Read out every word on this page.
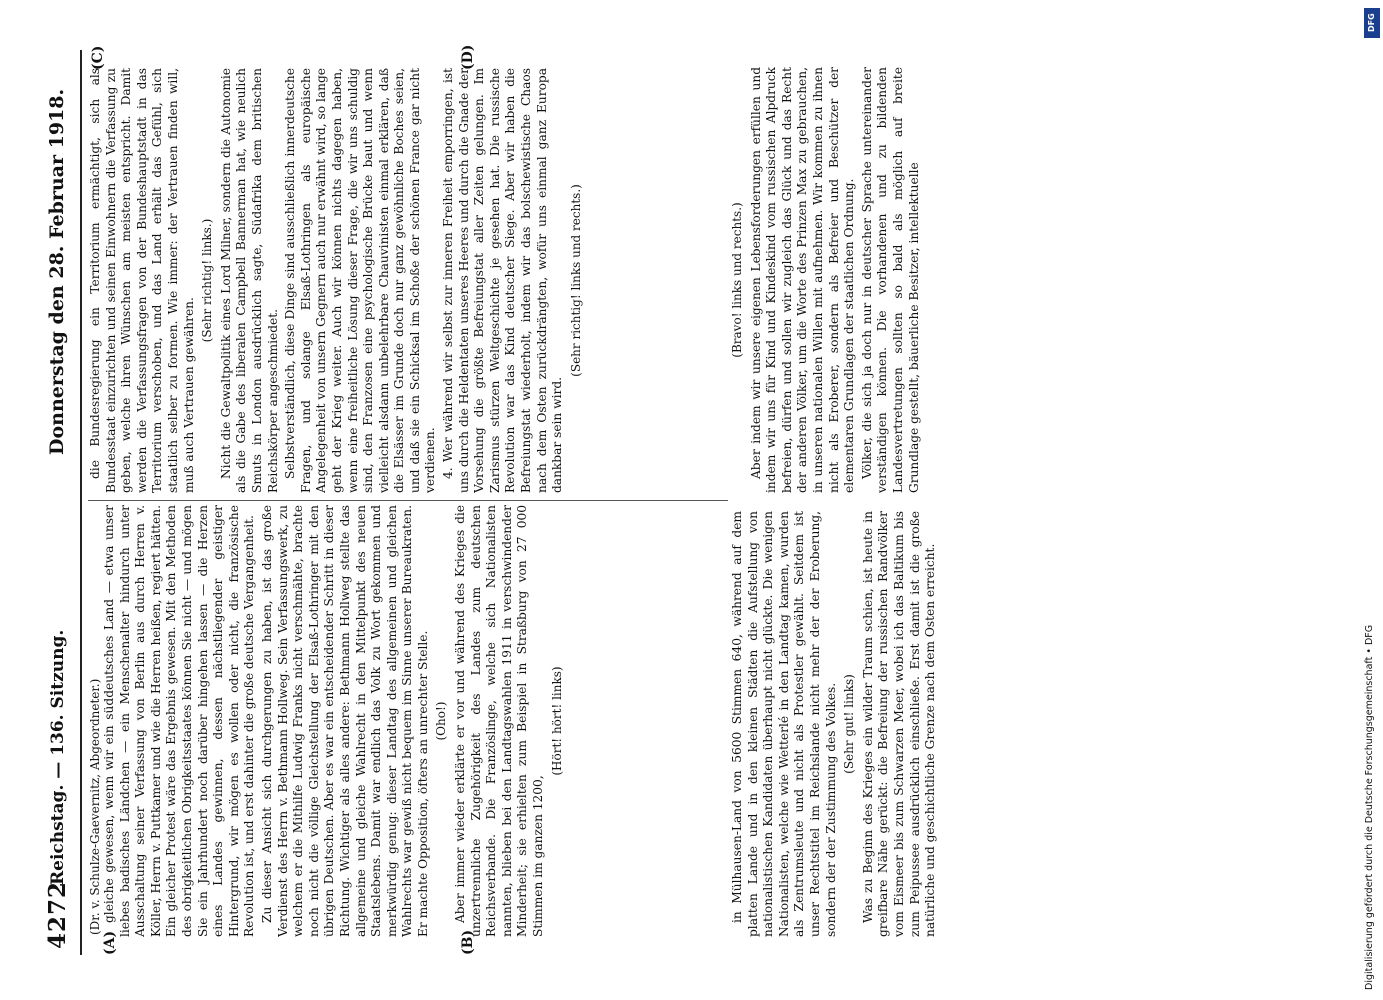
4272
Reichstag. — 136. Sitzung.
Donnerstag den 28. Februar 1918.
(Dr. v. Schulze-Gaevernitz, Abgeordneter.)
(A)	(B)
(C)	(D)

gleiche gewesen, wenn wir ein süddeutsches Land — etwa unser liebes badisches Ländchen — ein Menschenalter hindurch unter Ausschaltung seiner Verfassung von Berlin aus durch Herren v. Köller, Herrn v. Puttkamer und wie die Herren heißen, regiert hätten. Ein gleicher Protest wäre das Ergebnis gewesen. Mit den Methoden des obrigkeitlichen Obrigkeitsstaates können Sie nicht — und mögen Sie ein Jahrhundert noch darüber hingehen lassen — die Herzen eines Landes gewinnen, dessen nächstliegender geistiger Hintergrund, wir mögen es wollen oder nicht, die französische Revolution ist, und erst dahinter die große deutsche Vergangenheit. Zu dieser Ansicht sich durchgerungen zu haben, ist das große Verdienst des Herrn v. Bethmann Hollweg. Sein Verfassungswerk, zu welchem er die Mithilfe Ludwig Franks nicht verschmähte, brachte noch nicht die völlige Gleichstellung der Elsaß-Lothringer mit den übrigen Deutschen. Aber es war ein entscheidender Schritt in dieser Richtung. Wichtiger als alles andere: Bethmann Hollweg stellte das allgemeine und gleiche Wahlrecht in den Mittelpunkt des neuen Staatslebens. Damit war endlich das Volk zu Wort gekommen und merkwürdig genug: dieser Landtag des allgemeinen und gleichen Wahlrechts war gewiß nicht bequem im Sinne unserer Bureaukraten. Er machte Opposition, öfters an unrechter Stelle. (Oho!) Aber immer wieder erklärte er vor und während des Krieges die unzertrennliche Zugehörigkeit des Landes zum deutschen Reichsverbande. Die Französlinge, welche sich Nationalisten nannten, blieben bei den Landtagswahlen 1911 in verschwindender Minderheit; sie erhielten zum Beispiel in Straßburg von 27 000 Stimmen im ganzen 1200,

(Hört! hört! links)

die Bundesregierung ein Territorium ermächtigt, sich als Bundesstaat einzurichten und seinen Einwohnern die Verfassung zu geben, welche ihren Wünschen am meisten entspricht. Damit werden die Verfassungsfragen von der Bundeshauptstadt in das Territorium verschoben, und das Land erhält das Gefühl, sich staatlich selber zu formen. Wie immer: der Vertrauen finden will, muß auch Vertrauen gewähren.

(Sehr richtig! links.) Nicht die Gewaltpolitik eines Lord Milner, sondern die Autonomie als die Gabe des liberalen Campbell Bannerman hat, wie neulich Smuts in London ausdrücklich sagte, Südafrika dem britischen Reichskörper angeschmiedet. Selbstverständlich, diese Dinge sind ausschließlich innerdeutsche Fragen, und solange Elsaß-Lothringen als europäische Angelegenheit von unsern Gegnern auch nur erwähnt wird, so lange geht der Krieg weiter. Auch wir können nichts dagegen haben, wenn eine freiheitliche Lösung dieser Frage, die wir uns schuldig sind, den Franzosen eine psychologische Brücke baut und wenn vielleicht alsdann unbelehrbare Chauvinisten einmal erklären, daß die Elsässer im Grunde doch nur ganz gewöhnliche Boches seien, und daß sie ein Schicksal im Schoße der schönen France gar nicht verdienen. 4. Wer während wir selbst zur inneren Freiheit emporringen, ist uns durch die Heldentaten unseres Heeres und durch die Gnade der Vorsehung die größte Befreiungstat aller Zeiten gelungen. Im Zarismus stürzen Weltgeschichte je gesehen hat. Die russische Revolution war das Kind deutscher Siege. Aber wir haben die Befreiungstat wiederholt, indem wir das bolschewistische Chaos nach dem Osten zurückdrängten, wofür uns einmal ganz Europa dankbar sein wird.

(Sehr richtig! links und rechts.)

in Mülhausen-Land von 5600 Stimmen 640, während auf dem platten Lande und in den kleinen Städten die Aufstellung von nationalistischen Kandidaten überhaupt nicht glückte. Die wenigen Nationalisten, welche wie Wetterlé in den Landtag kamen, wurden als Zentrumsleute und nicht als Protestler gewählt. Seitdem ist unser Rechtstitel im Reichslande nicht mehr der der Eroberung, sondern der der Zustimmung des Volkes. (Sehr gut! links) Was zu Beginn des Krieges ein wilder Traum schien, ist heute in greifbare Nähe gerückt: die Befreiung der russischen Randvölker vom Eismeer bis zum Schwarzen Meer, wobei ich das Baltikum bis zum Peipussee ausdrücklich einschließe. Erst damit ist die große natürliche und geschichtliche Grenze nach dem Osten erreicht.

(Bravo! links und rechts.) Aber indem wir unsere eigenen Lebensforderungen erfüllen und indem wir uns für Kind und Kindeskind vom russischen Alpdruck befreien, dürfen und sollen wir zugleich das Glück und das Recht der anderen Völker, um die Worte des Prinzen Max zu gebrauchen, in unseren nationalen Willen mit aufnehmen. Wir kommen zu ihnen nicht als Eroberer, sondern als Befreier und Beschützer der elementaren Grundlagen der staatlichen Ordnung. Völker, die sich ja doch nur in deutscher Sprache untereinander verständigen können. Die vorhandenen und zu bildenden Landesvertretungen sollten so bald als möglich auf breite Grundlage gestellt, bäuerliche Besitzer, intellektuelle

DFG
Digitalisierung gefördert durch die Deutsche Forschungsgemeinschaft • DFG
